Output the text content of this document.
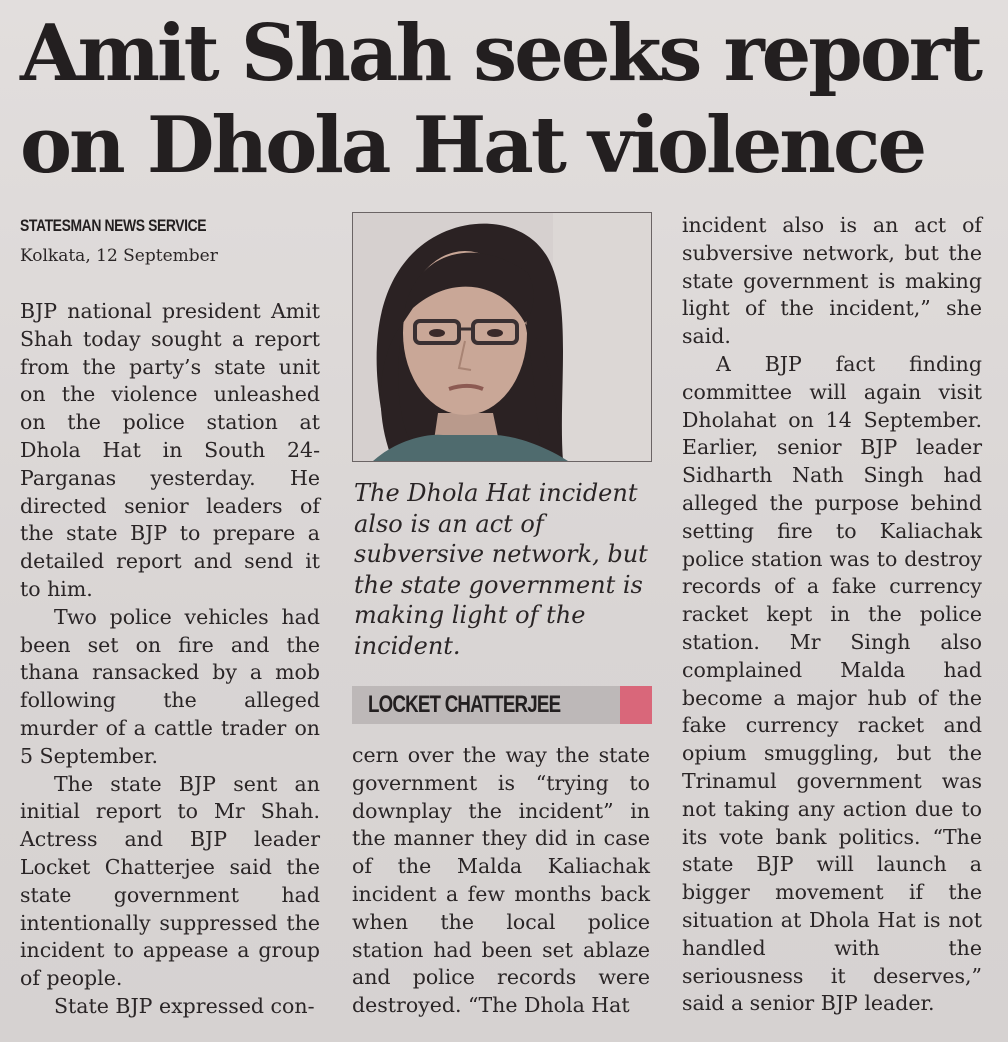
Amit Shah seeks report
on Dhola Hat violence
STATESMAN NEWS SERVICE
Kolkata, 12 September

BJP national president Amit Shah today sought a report from the party’s state unit on the violence unleashed on the police station at Dhola Hat in South 24-Parganas yesterday. He directed senior leaders of the state BJP to prepare a detailed report and send it to him.

Two police vehicles had been set on fire and the thana ransacked by a mob following the alleged murder of a cattle trader on 5 September.

The state BJP sent an initial report to Mr Shah. Actress and BJP leader Locket Chatterjee said the state government had intentionally suppressed the incident to appease a group of people.

State BJP expressed con-

The Dhola Hat incident also is an act of subversive network, but the state government is making light of the incident.
LOCKET CHATTERJEE

cern over the way the state government is “trying to downplay the incident” in the manner they did in case of the Malda Kaliachak incident a few months back when the local police station had been set ablaze and police records were destroyed. “The Dhola Hat

incident also is an act of subversive network, but the state government is making light of the incident,” she said.

A BJP fact finding committee will again visit Dholahat on 14 September. Earlier, senior BJP leader Sidharth Nath Singh had alleged the purpose behind setting fire to Kaliachak police station was to destroy records of a fake currency racket kept in the police station. Mr Singh also complained Malda had become a major hub of the fake currency racket and opium smuggling, but the Trinamul government was not taking any action due to its vote bank politics. “The state BJP will launch a bigger movement if the situation at Dhola Hat is not handled with the seriousness it deserves,” said a senior BJP leader.
